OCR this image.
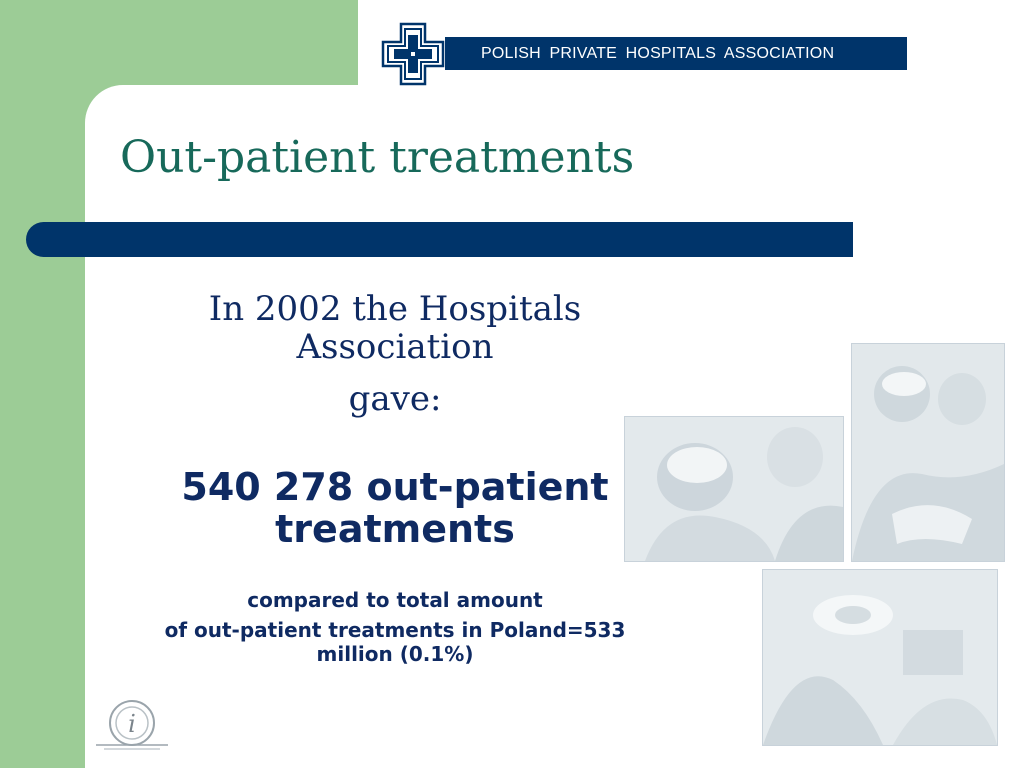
POLISH PRIVATE HOSPITALS ASSOCIATION
Out-patient treatments
In 2002 the Hospitals
Association
gave:
540 278 out-patient
treatments
compared to total amount
of out-patient treatments in Poland=533
million (0.1%)
i
